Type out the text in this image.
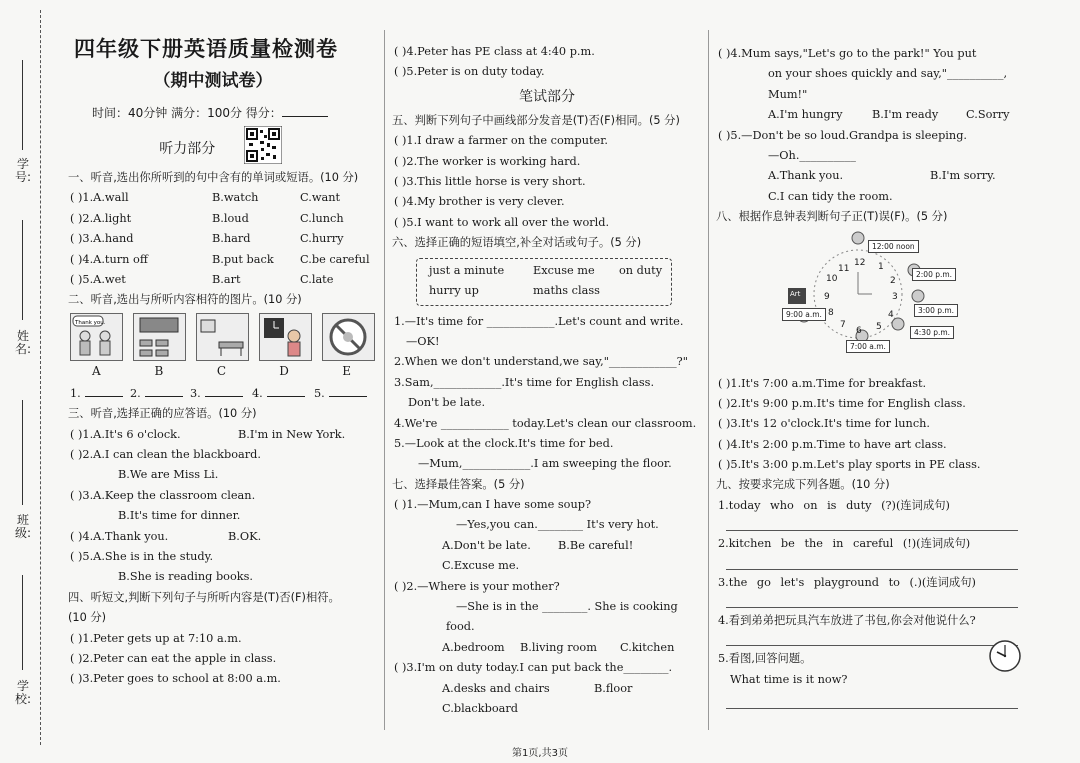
学号:
姓名:
班级:
学校:
四年级下册英语质量检测卷
（期中测试卷）
时间：40分钟 满分：100分 得分：
听力部分
一、听音,选出你所听到的句中含有的单词或短语。(10 分)
( )1.A.wall	B.watch	C.want
( )2.A.light	B.loud	C.lunch
( )3.A.hand	B.hard	C.hurry
( )4.A.turn off	B.put back C.be careful
( )5.A.wet	B.art	C.late
二、听音,选出与所听内容相符的图片。(10 分)
Thank you.
A	B	C	D	E
1.	2.	3.	4.	5.
三、听音,选择正确的应答语。(10 分)
( )1.A.It's 6 o'clock.	B.I'm in New York.
( )2.A.I can clean the blackboard.
B.We are Miss Li.
( )3.A.Keep the classroom clean.
B.It's time for dinner.
( )4.A.Thank you.	B.OK.
( )5.A.She is in the study.
B.She is reading books.
四、听短文,判断下列句子与所听内容是(T)否(F)相符。
(10 分)
( )1.Peter gets up at 7:10 a.m.
( )2.Peter can eat the apple in class.
( )3.Peter goes to school at 8:00 a.m.
( )4.Peter has PE class at 4:40 p.m.
( )5.Peter is on duty today.
笔试部分
五、判断下列句子中画线部分发音是(T)否(F)相同。(5 分)
( )1.I draw a farmer on the computer.
( )2.The worker is working hard.
( )3.This little horse is very short.
( )4.My brother is very clever.
( )5.I want to work all over the world.
六、选择正确的短语填空,补全对话或句子。(5 分)
just a minute	Excuse me on duty
hurry up	maths class
1.—It's time for ____________.Let's count and write.
—OK!
2.When we don't understand,we say,"____________?"
3.Sam,____________.It's time for English class.
Don't be late.
4.We're ____________ today.Let's clean our classroom.
5.—Look at the clock.It's time for bed.
—Mum,____________.I am sweeping the floor.
七、选择最佳答案。(5 分)
( )1.—Mum,can I have some soup?
—Yes,you can.________ It's very hot.
A.Don't be late. B.Be careful!
C.Excuse me.
( )2.—Where is your mother?
—She is in the ________. She is cooking
food.
A.bedroom B.living room C.kitchen
( )3.I'm on duty today.I can put back the________.
A.desks and chairs	B.floor
C.blackboard
( )4.Mum says,"Let's go to the park!" You put
on your shoes quickly and say,"__________,
Mum!"
A.I'm hungry	B.I'm ready C.Sorry
( )5.—Don't be so loud.Grandpa is sleeping.
—Oh.__________
A.Thank you.	B.I'm sorry.
C.I can tidy the room.
八、根据作息钟表判断句子正(T)误(F)。(5 分)
( )1.It's 7:00 a.m.Time for breakfast.
( )2.It's 9:00 p.m.It's time for English class.
( )3.It's 12 o'clock.It's time for lunch.
( )4.It's 2:00 p.m.Time to have art class.
( )5.It's 3:00 p.m.Let's play sports in PE class.
九、按要求完成下列各题。(10 分)
1.today who on is duty (?)(连词成句)
2.kitchen be the in careful (!)(连词成句)
3.the go let's playground to (.)(连词成句)
4.看到弟弟把玩具汽车放进了书包,你会对他说什么?
5.看图,回答问题。
What time is it now?
12 1
2
3
4
5
6
7
8
9
10
11
12:00 noon
2:00 p.m.
3:00 p.m.
4:30 p.m.
7:00 a.m.
9:00 a.m.
Art
第1页,共3页
